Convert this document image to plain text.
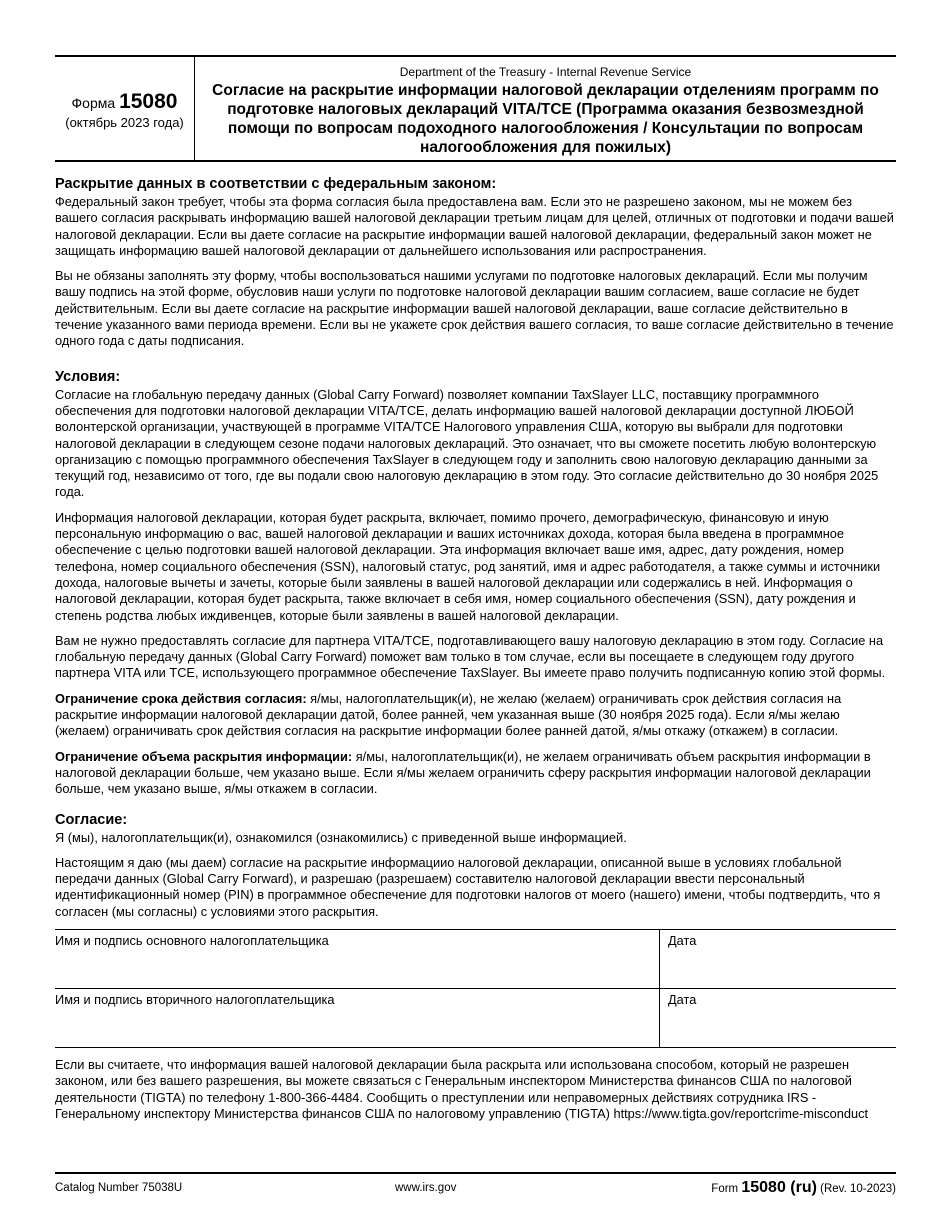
Форма 15080
(октябрь 2023 года)
Department of the Treasury - Internal Revenue Service
Согласие на раскрытие информации налоговой декларации отделениям программ по подготовке налоговых деклараций VITA/TCE (Программа оказания безвозмездной помощи по вопросам подоходного налогообложения / Консультации по вопросам налогообложения для пожилых)
Раскрытие данных в соответствии с федеральным законом:

Федеральный закон требует, чтобы эта форма согласия была предоставлена вам. Если это не разрешено законом, мы не можем без вашего согласия раскрывать информацию вашей налоговой декларации третьим лицам для целей, отличных от подготовки и подачи вашей налоговой декларации. Если вы даете согласие на раскрытие информации вашей налоговой декларации, федеральный закон может не защищать информацию вашей налоговой декларации от дальнейшего использования или распространения.

Вы не обязаны заполнять эту форму, чтобы воспользоваться нашими услугами по подготовке налоговых деклараций. Если мы получим вашу подпись на этой форме, обусловив наши услуги по подготовке налоговой декларации вашим согласием, ваше согласие не будет действительным. Если вы даете согласие на раскрытие информации вашей налоговой декларации, ваше согласие действительно в течение указанного вами периода времени. Если вы не укажете срок действия вашего согласия, то ваше согласие действительно в течение одного года с даты подписания.

Условия:

Согласие на глобальную передачу данных (Global Carry Forward) позволяет компании TaxSlayer LLC, поставщику программного обеспечения для подготовки налоговой декларации VITA/TCE, делать информацию вашей налоговой декларации доступной ЛЮБОЙ волонтерской организации, участвующей в программе VITA/TCE Налогового управления США, которую вы выбрали для подготовки налоговой декларации в следующем сезоне подачи налоговых деклараций. Это означает, что вы сможете посетить любую волонтерскую организацию с помощью программного обеспечения TaxSlayer в следующем году и заполнить свою налоговую декларацию данными за текущий год, независимо от того, где вы подали свою налоговую декларацию в этом году. Это согласие действительно до 30 ноября 2025 года.

Информация налоговой декларации, которая будет раскрыта, включает, помимо прочего, демографическую, финансовую и иную персональную информацию о вас, вашей налоговой декларации и ваших источниках дохода, которая была введена в программное обеспечение с целью подготовки вашей налоговой декларации. Эта информация включает ваше имя, адрес, дату рождения, номер телефона, номер социального обеспечения (SSN), налоговый статус, род занятий, имя и адрес работодателя, а также суммы и источники дохода, налоговые вычеты и зачеты, которые были заявлены в вашей налоговой декларации или содержались в ней. Информация о налоговой декларации, которая будет раскрыта, также включает в себя имя, номер социального обеспечения (SSN), дату рождения и степень родства любых иждивенцев, которые были заявлены в вашей налоговой декларации.

Вам не нужно предоставлять согласие для партнера VITA/TCE, подготавливающего вашу налоговую декларацию в этом году. Согласие на глобальную передачу данных (Global Carry Forward) поможет вам только в том случае, если вы посещаете в следующем году другого партнера VITA или TCE, использующего программное обеспечение TaxSlayer. Вы имеете право получить подписанную копию этой формы.

Ограничение срока действия согласия: я/мы, налогоплательщик(и), не желаю (желаем) ограничивать срок действия согласия на раскрытие информации налоговой декларации датой, более ранней, чем указанная выше (30 ноября 2025 года). Если я/мы желаю (желаем) ограничивать срок действия согласия на раскрытие информации более ранней датой, я/мы откажу (откажем) в согласии.

Ограничение объема раскрытия информации: я/мы, налогоплательщик(и), не желаем ограничивать объем раскрытия информации в налоговой декларации больше, чем указано выше. Если я/мы желаем ограничить сферу раскрытия информации налоговой декларации больше, чем указано выше, я/мы откажем в согласии.

Согласие:

Я (мы), налогоплательщик(и), ознакомился (ознакомились) с приведенной выше информацией.

Настоящим я даю (мы даем) согласие на раскрытие информациио налоговой декларации, описанной выше в условиях глобальной передачи данных (Global Carry Forward), и разрешаю (разрешаем) составителю налоговой декларации ввести персональный идентификационный номер (PIN) в программное обеспечение для подготовки налогов от моего (нашего) имени, чтобы подтвердить, что я согласен (мы согласны) с условиями этого раскрытия.

Имя и подпись основного налогоплательщика	Дата
Имя и подпись вторичного налогоплательщика	Дата

Если вы считаете, что информация вашей налоговой декларации была раскрыта или использована способом, который не разрешен законом, или без вашего разрешения, вы можете связаться с Генеральным инспектором Министерства финансов США по налоговой деятельности (TIGTA) по телефону 1-800-366-4484. Сообщить о преступлении или неправомерных действиях сотрудника IRS - Генеральному инспектору Министерства финансов США по налоговому управлению (TIGTA) https://www.tigta.gov/reportcrime-misconduct

Catalog Number 75038U	www.irs.gov	Form 15080 (ru) (Rev. 10-2023)
